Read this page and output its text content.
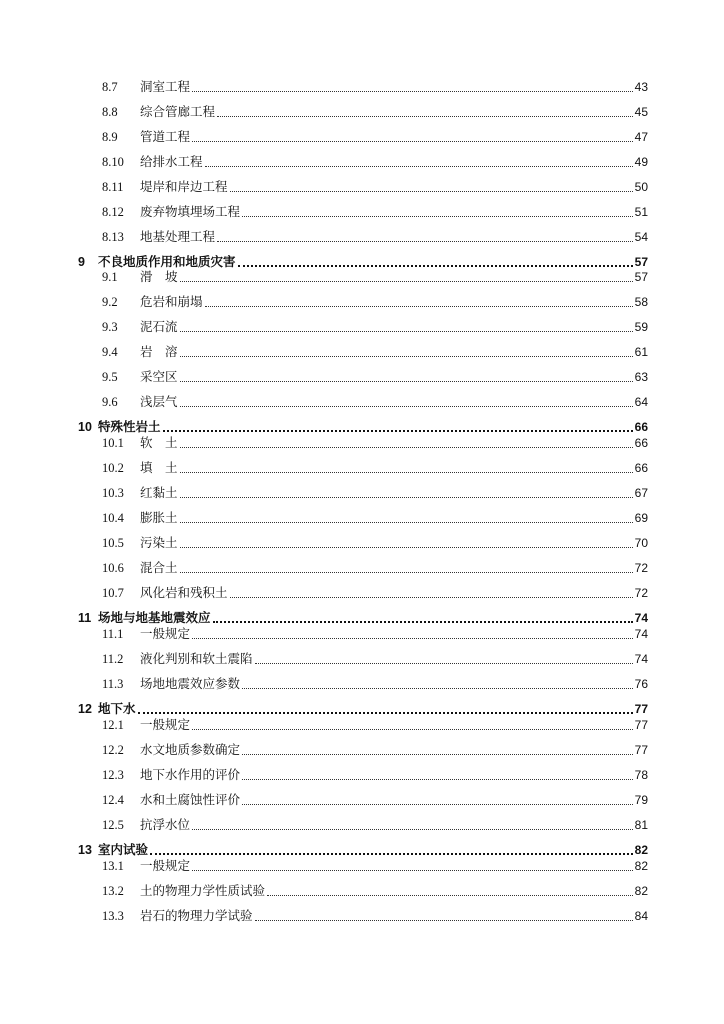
8.7	洞室工程	43
8.8	综合管廊工程	45
8.9	管道工程	47
8.10	给排水工程	49
8.11	堤岸和岸边工程	50
8.12	废弃物填埋场工程	51
8.13	地基处理工程	54
9	不良地质作用和地质灾害	57
9.1	滑　坡	57
9.2	危岩和崩塌	58
9.3	泥石流	59
9.4	岩　溶	61
9.5	采空区	63
9.6	浅层气	64
10 特殊性岩土	66
10.1	软　土	66
10.2	填　土	66
10.3	红黏土	67
10.4	膨胀土	69
10.5	污染土	70
10.6	混合土	72
10.7	风化岩和残积土	72
11 场地与地基地震效应	74
11.1	一般规定	74
11.2	液化判别和软土震陷	74
11.3	场地地震效应参数	76
12 地下水	77
12.1	一般规定	77
12.2	水文地质参数确定	77
12.3	地下水作用的评价	78
12.4	水和土腐蚀性评价	79
12.5	抗浮水位	81
13 室内试验	82
13.1	一般规定	82
13.2	土的物理力学性质试验	82
13.3	岩石的物理力学试验	84
